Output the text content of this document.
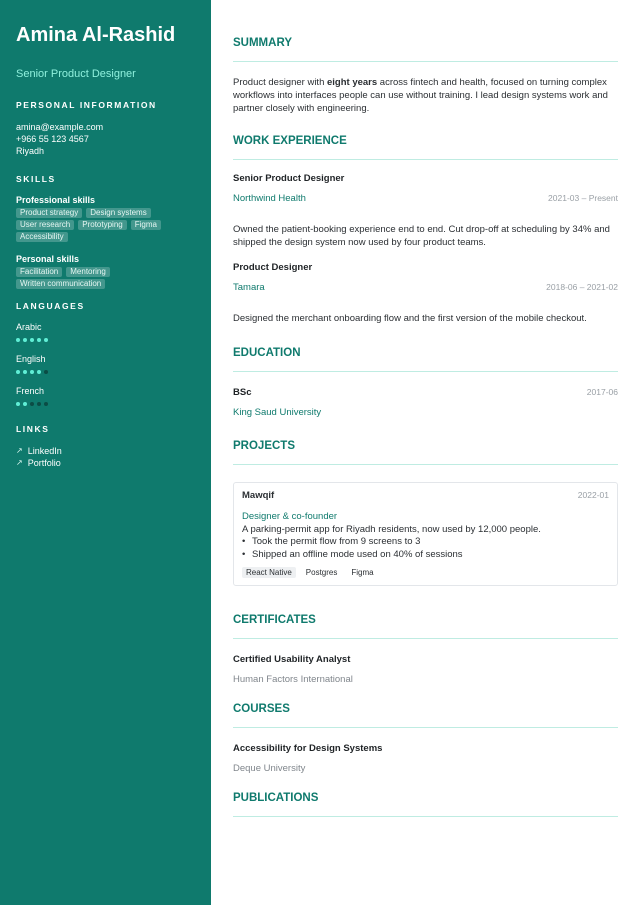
Amina Al-Rashid
Senior Product Designer
PERSONAL INFORMATION
amina@example.com
+966 55 123 4567
Riyadh
SKILLS
Professional skills
Product strategy	Design systems
User research	Prototyping	Figma
Accessibility
Personal skills
Facilitation	Mentoring
Written communication
LANGUAGES
Arabic
English
French
LINKS
↗ LinkedIn
↗ Portfolio
SUMMARY
Product designer with eight years across fintech and health, focused on turning complex workflows into interfaces people can use without training. I lead design systems work and partner closely with engineering.
WORK EXPERIENCE
Senior Product Designer
Northwind Health	2021-03 – Present
Owned the patient-booking experience end to end. Cut drop-off at scheduling by 34% and shipped the design system now used by four product teams.
Product Designer
Tamara	2018-06 – 2021-02
Designed the merchant onboarding flow and the first version of the mobile checkout.
EDUCATION
BSc	2017-06
King Saud University
PROJECTS
Mawqif	2022-01
Designer & co-founder
A parking-permit app for Riyadh residents, now used by 12,000 people.
• Took the permit flow from 9 screens to 3
• Shipped an offline mode used on 40% of sessions
React Native	Postgres	Figma
CERTIFICATES
Certified Usability Analyst
Human Factors International
COURSES
Accessibility for Design Systems
Deque University
PUBLICATIONS
